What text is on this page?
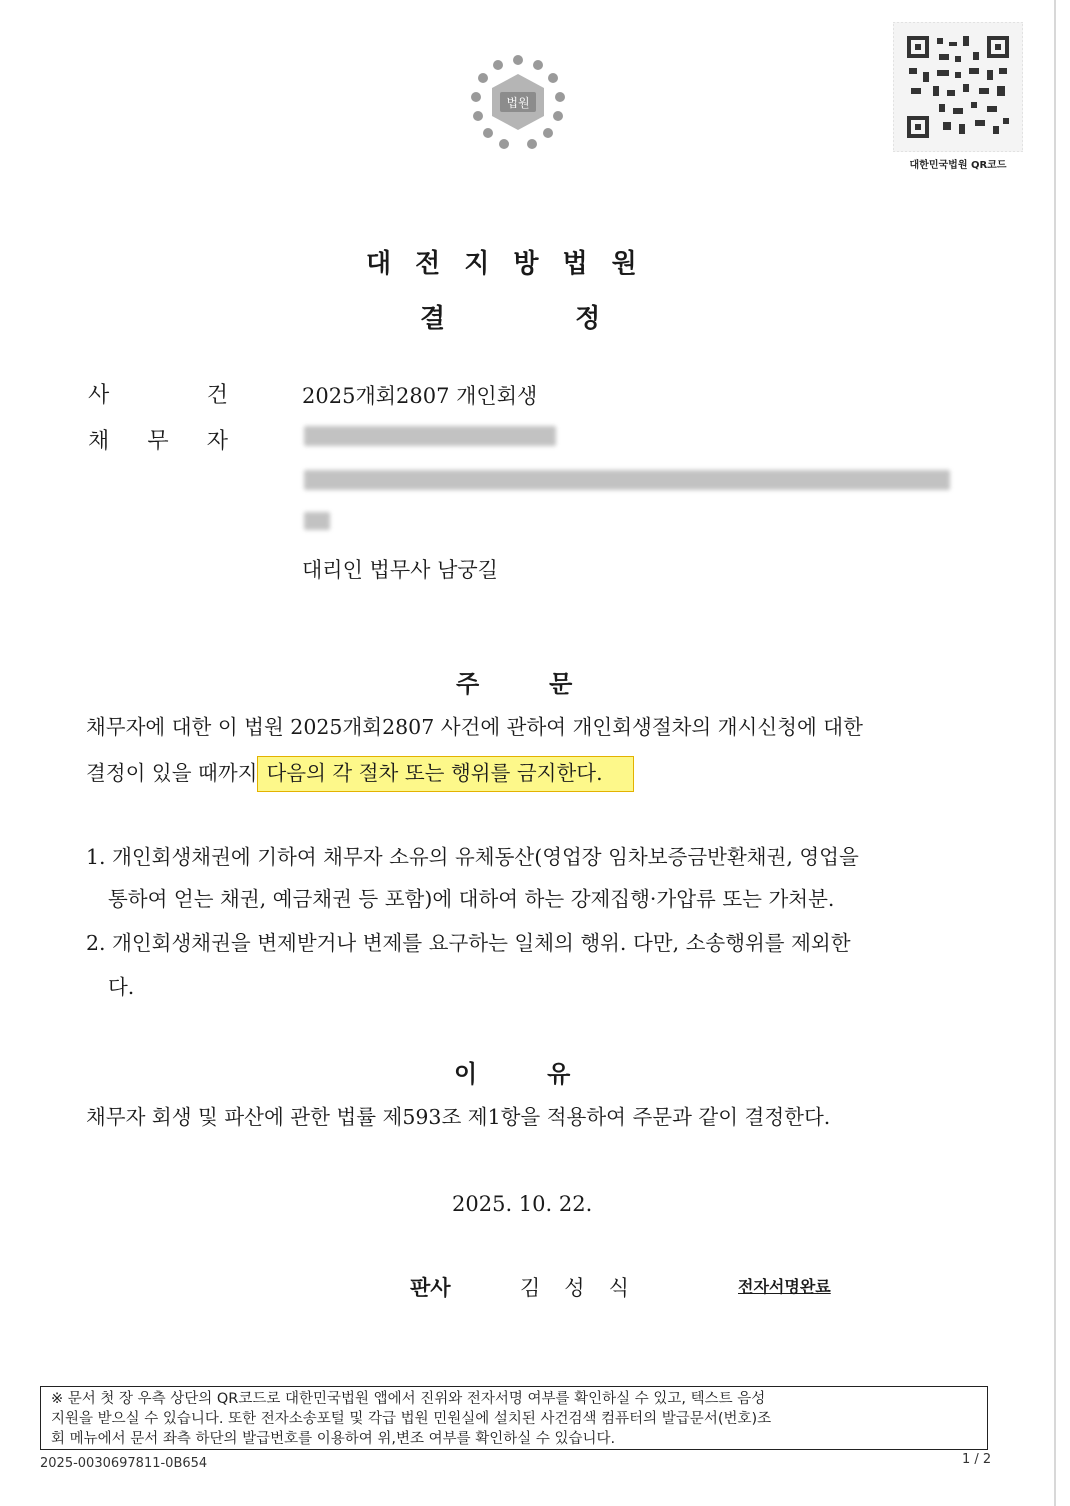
법원
대한민국법원 QR코드
대전지방법원
결정
사	건	2025개회2807 개인회생
채 무 자
대리인 법무사 남궁길
주문
채무자에 대한 이 법원 2025개회2807 사건에 관하여 개인회생절차의 개시신청에 대한
결정이 있을 때까지 다음의 각 절차 또는 행위를 금지한다.
1. 개인회생채권에 기하여 채무자 소유의 유체동산(영업장 임차보증금반환채권, 영업을
통하여 얻는 채권, 예금채권 등 포함)에 대하여 하는 강제집행·가압류 또는 가처분.
2. 개인회생채권을 변제받거나 변제를 요구하는 일체의 행위. 다만, 소송행위를 제외한
다.
이유
채무자 회생 및 파산에 관한 법률 제593조 제1항을 적용하여 주문과 같이 결정한다.
2025. 10. 22.
판사	김성식	전자서명완료
※ 문서 첫 장 우측 상단의 QR코드로 대한민국법원 앱에서 진위와 전자서명 여부를 확인하실 수 있고, 텍스트 음성
지원을 받으실 수 있습니다. 또한 전자소송포털 및 각급 법원 민원실에 설치된 사건검색 컴퓨터의 발급문서(번호)조
회 메뉴에서 문서 좌측 하단의 발급번호를 이용하여 위,변조 여부를 확인하실 수 있습니다.
2025-0030697811-0B654	1 / 2
